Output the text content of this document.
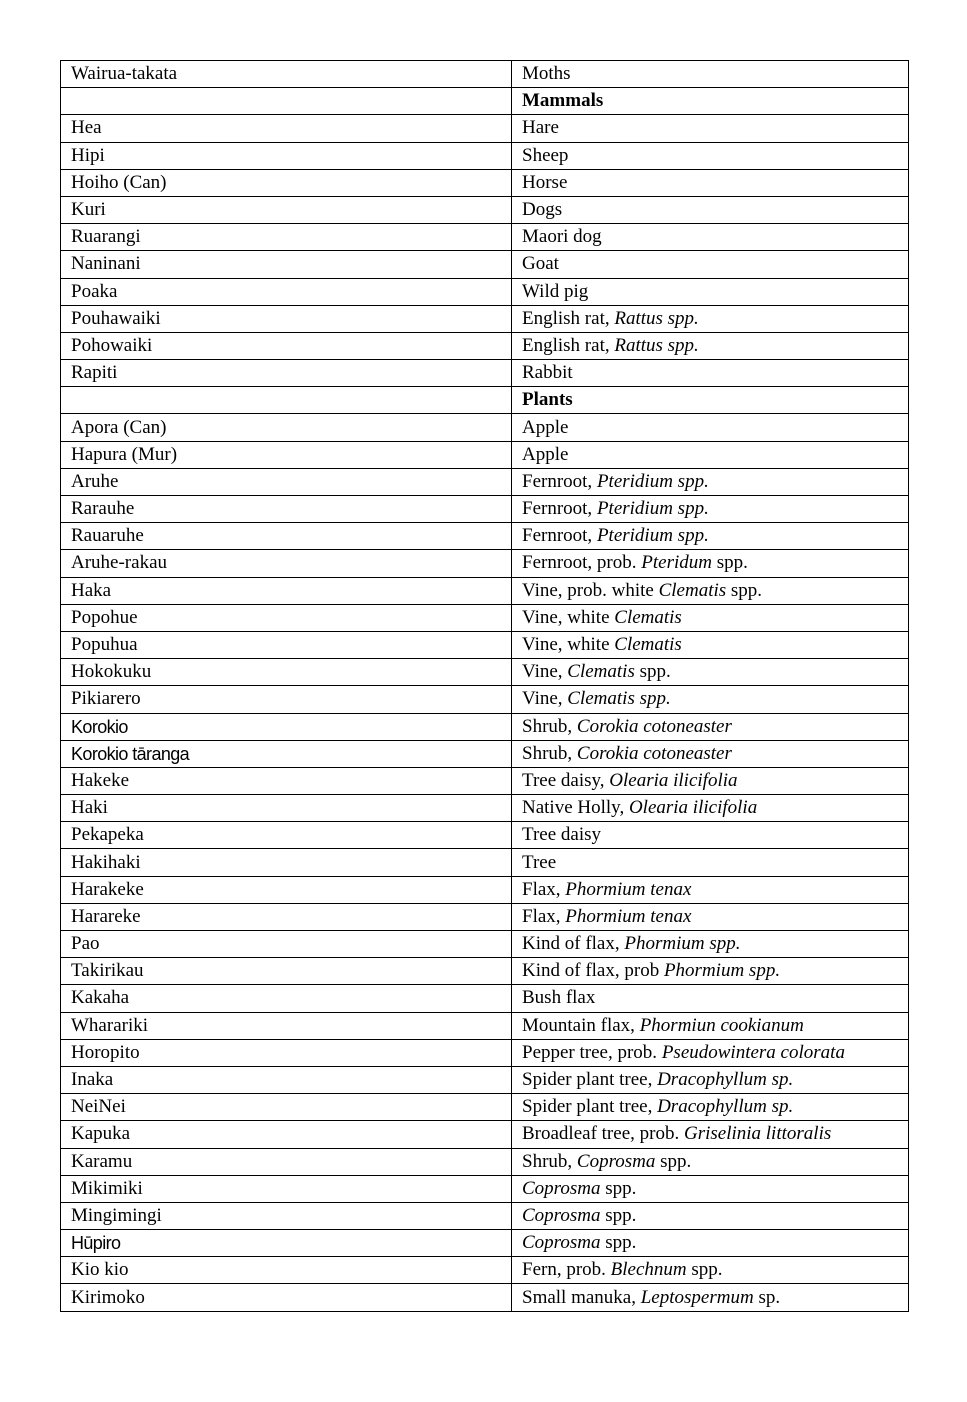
Wairua-takata	Moths
	Mammals
Hea	Hare
Hipi	Sheep
Hoiho (Can)	Horse
Kuri	Dogs
Ruarangi	Maori dog
Naninani	Goat
Poaka	Wild pig
Pouhawaiki	English rat, Rattus spp.
Pohowaiki	English rat, Rattus spp.
Rapiti	Rabbit
	Plants
Apora (Can)	Apple
Hapura (Mur)	Apple
Aruhe	Fernroot, Pteridium spp.
Rarauhe	Fernroot, Pteridium spp.
Rauaruhe	Fernroot, Pteridium spp.
Aruhe-rakau	Fernroot, prob. Pteridum spp.
Haka	Vine, prob. white Clematis spp.
Popohue	Vine, white Clematis
Popuhua	Vine, white Clematis
Hokokuku	Vine, Clematis spp.
Pikiarero	Vine, Clematis spp.
Korokio	Shrub, Corokia cotoneaster
Korokio tāranga	Shrub, Corokia cotoneaster
Hakeke	Tree daisy, Olearia ilicifolia
Haki	Native Holly, Olearia ilicifolia
Pekapeka	Tree daisy
Hakihaki	Tree
Harakeke	Flax, Phormium tenax
Harareke	Flax, Phormium tenax
Pao	Kind of flax, Phormium spp.
Takirikau	Kind of flax, prob Phormium spp.
Kakaha	Bush flax
Wharariki	Mountain flax, Phormiun cookianum
Horopito	Pepper tree, prob. Pseudowintera colorata
Inaka	Spider plant tree, Dracophyllum sp.
NeiNei	Spider plant tree, Dracophyllum sp.
Kapuka	Broadleaf tree, prob. Griselinia littoralis
Karamu	Shrub, Coprosma spp.
Mikimiki	Coprosma spp.
Mingimingi	Coprosma spp.
Hūpiro	Coprosma spp.
Kio kio	Fern, prob. Blechnum spp.
Kirimoko	Small manuka, Leptospermum sp.
